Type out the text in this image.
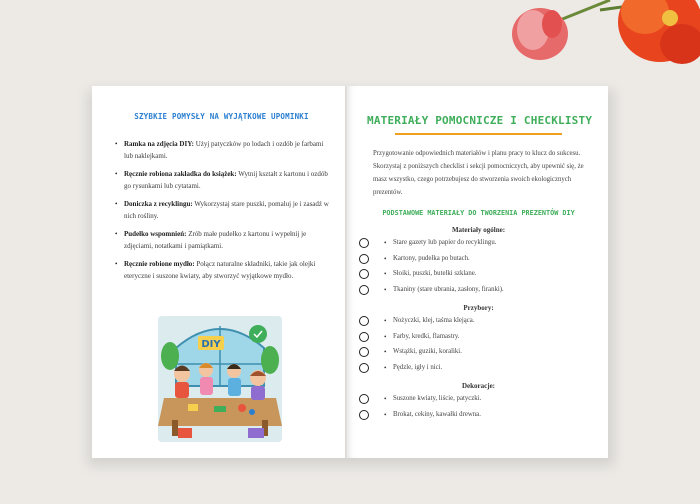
SZYBKIE POMYSŁY NA WYJĄTKOWE UPOMINKI
• Ramka na zdjęcia DIY: Użyj patyczków po lodach i ozdób je farbami lub naklejkami.
• Ręcznie robiona zakładka do książek: Wytnij kształt z kartonu i ozdób go rysunkami lub cytatami.
• Doniczka z recyklingu: Wykorzystaj stare puszki, pomaluj je i zasadź w nich rośliny.
• Pudełko wspomnień: Zrób małe pudełko z kartonu i wypełnij je zdjęciami, notatkami i pamiątkami.
• Ręcznie robione mydło: Połącz naturalne składniki, takie jak olejki eteryczne i suszone kwiaty, aby stworzyć wyjątkowe mydło.
DIY
MATERIAŁY POMOCNICZE I CHECKLISTY

Przygotowanie odpowiednich materiałów i planu pracy to klucz do sukcesu. Skorzystaj z poniższych checklist i sekcji pomocniczych, aby upewnić się, że masz wszystko, czego potrzebujesz do stworzenia swoich ekologicznych prezentów.

PODSTAWOWE MATERIAŁY DO TWORZENIA PREZENTÓW DIY
Materiały ogólne:
• Stare gazety lub papier do recyklingu.
• Kartony, pudełka po butach.
• Słoiki, puszki, butelki szklane.
• Tkaniny (stare ubrania, zasłony, firanki).
Przybory:
• Nożyczki, klej, taśma klejąca.
• Farby, kredki, flamastry.
• Wstążki, guziki, koraliki.
• Pędzle, igły i nici.
Dekoracje:
• Suszone kwiaty, liście, patyczki.
• Brokat, cekiny, kawałki drewna.
